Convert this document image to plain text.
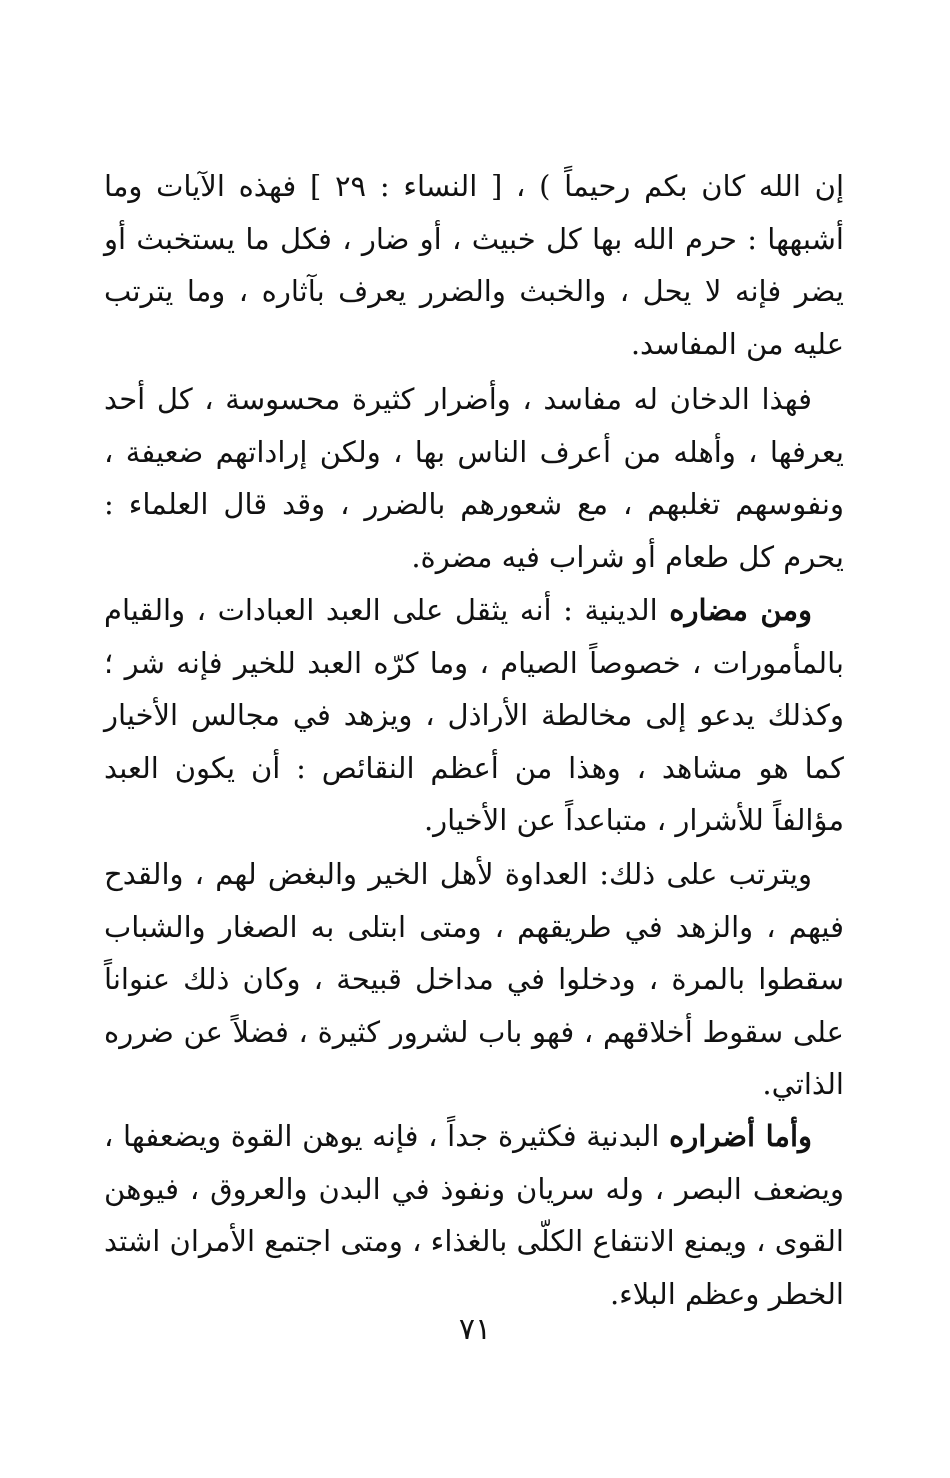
إن الله كان بكم رحيماً ) ، [ النساء : ٢٩ ] فهذه الآيات وما أشبهها : حرم الله بها كل خبيث ، أو ضار ، فكل ما يستخبث أو يضر فإنه لا يحل ، والخبث والضرر يعرف بآثاره ، وما يترتب عليه من المفاسد.

فهذا الدخان له مفاسد ، وأضرار كثيرة محسوسة ، كل أحد يعرفها ، وأهله من أعرف الناس بها ، ولكن إراداتهم ضعيفة ، ونفوسهم تغلبهم ، مع شعورهم بالضرر ، وقد قال العلماء : يحرم كل طعام أو شراب فيه مضرة.

ومن مضاره الدينية : أنه يثقل على العبد العبادات ، والقيام بالمأمورات ، خصوصاً الصيام ، وما كرّه العبد للخير فإنه شر ؛ وكذلك يدعو إلى مخالطة الأراذل ، ويزهد في مجالس الأخيار كما هو مشاهد ، وهذا من أعظم النقائص : أن يكون العبد مؤالفاً للأشرار ، متباعداً عن الأخيار.

ويترتب على ذلك: العداوة لأهل الخير والبغض لهم ، والقدح فيهم ، والزهد في طريقهم ، ومتى ابتلى به الصغار والشباب سقطوا بالمرة ، ودخلوا في مداخل قبيحة ، وكان ذلك عنواناً على سقوط أخلاقهم ، فهو باب لشرور كثيرة ، فضلاً عن ضرره الذاتي.

وأما أضراره البدنية فكثيرة جداً ، فإنه يوهن القوة ويضعفها ، ويضعف البصر ، وله سريان ونفوذ في البدن والعروق ، فيوهن القوى ، ويمنع الانتفاع الكلّى بالغذاء ، ومتى اجتمع الأمران اشتد الخطر وعظم البلاء.

٧١
